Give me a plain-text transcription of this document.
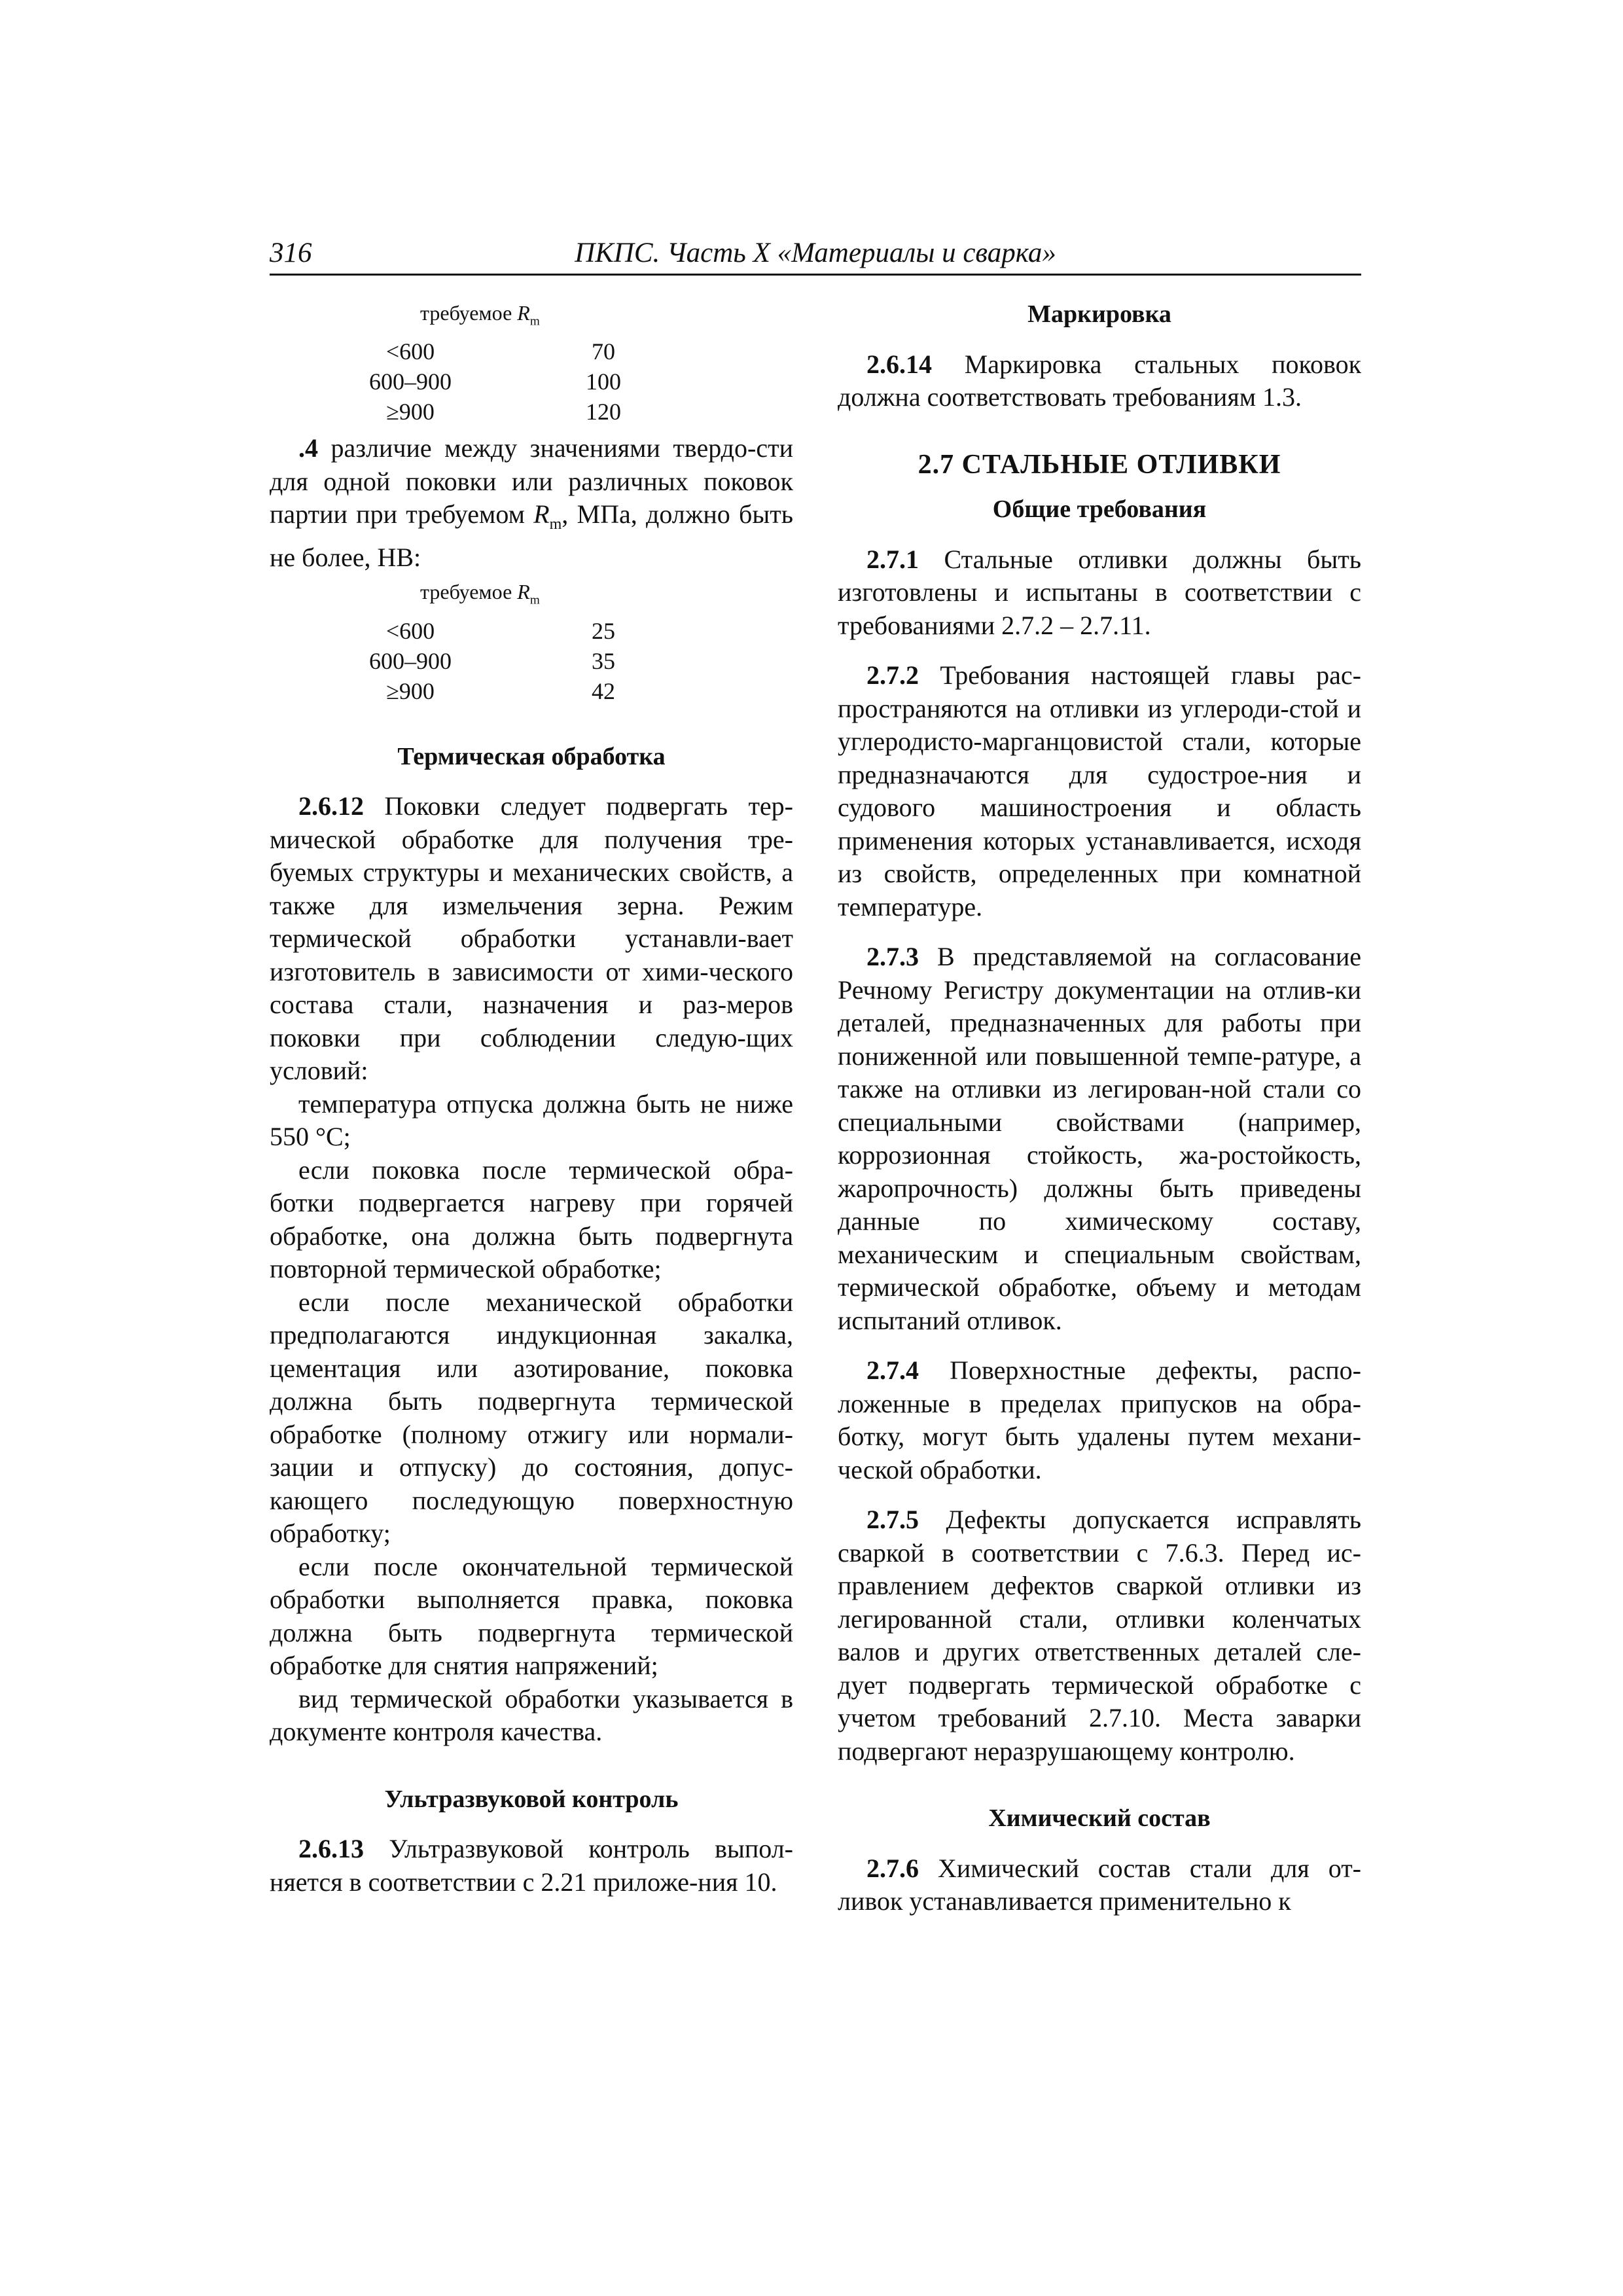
316	ПКПС. Часть X «Материалы и сварка»
требуемое $R_m$
<600	70
600–900	100
≥900	120

.4 различие между значениями твердо-сти для одной поковки или различных поковок партии при требуемом $R_m$, МПа, должно быть не более, НВ:

требуемое $R_m$
<600	25
600–900	35
≥900	42

Термическая обработка

2.6.12 Поковки следует подвергать тер-мической обработке для получения тре-буемых структуры и механических свойств, а также для измельчения зерна. Режим термической обработки устанавли-вает изготовитель в зависимости от хими-ческого состава стали, назначения и раз-меров поковки при соблюдении следую-щих условий:

температура отпуска должна быть не ниже 550 °С;

если поковка после термической обра-ботки подвергается нагреву при горячей обработке, она должна быть подвергнута повторной термической обработке;

если после механической обработки предполагаются индукционная закалка, цементация или азотирование, поковка должна быть подвергнута термической обработке (полному отжигу или нормали-зации и отпуску) до состояния, допус-кающего последующую поверхностную обработку;

если после окончательной термической обработки выполняется правка, поковка должна быть подвергнута термической обработке для снятия напряжений;

вид термической обработки указывается в документе контроля качества.

Ультразвуковой контроль

2.6.13 Ультразвуковой контроль выпол-няется в соответствии с 2.21 приложе-ния 10.

Маркировка

2.6.14 Маркировка стальных поковок должна соответствовать требованиям 1.3.

2.7 СТАЛЬНЫЕ ОТЛИВКИ

Общие требования

2.7.1 Стальные отливки должны быть изготовлены и испытаны в соответствии с требованиями 2.7.2 – 2.7.11.

2.7.2 Требования настоящей главы рас-пространяются на отливки из углероди-стой и углеродисто-марганцовистой стали, которые предназначаются для судострое-ния и судового машиностроения и область применения которых устанавливается, исходя из свойств, определенных при комнатной температуре.

2.7.3 В представляемой на согласование Речному Регистру документации на отлив-ки деталей, предназначенных для работы при пониженной или повышенной темпе-ратуре, а также на отливки из легирован-ной стали со специальными свойствами (например, коррозионная стойкость, жа-ростойкость, жаропрочность) должны быть приведены данные по химическому составу, механическим и специальным свойствам, термической обработке, объему и методам испытаний отливок.

2.7.4 Поверхностные дефекты, распо-ложенные в пределах припусков на обра-ботку, могут быть удалены путем механи-ческой обработки.

2.7.5 Дефекты допускается исправлять сваркой в соответствии с 7.6.3. Перед ис-правлением дефектов сваркой отливки из легированной стали, отливки коленчатых валов и других ответственных деталей сле-дует подвергать термической обработке с учетом требований 2.7.10. Места заварки подвергают неразрушающему контролю.

Химический состав

2.7.6 Химический состав стали для от-ливок устанавливается применительно к
